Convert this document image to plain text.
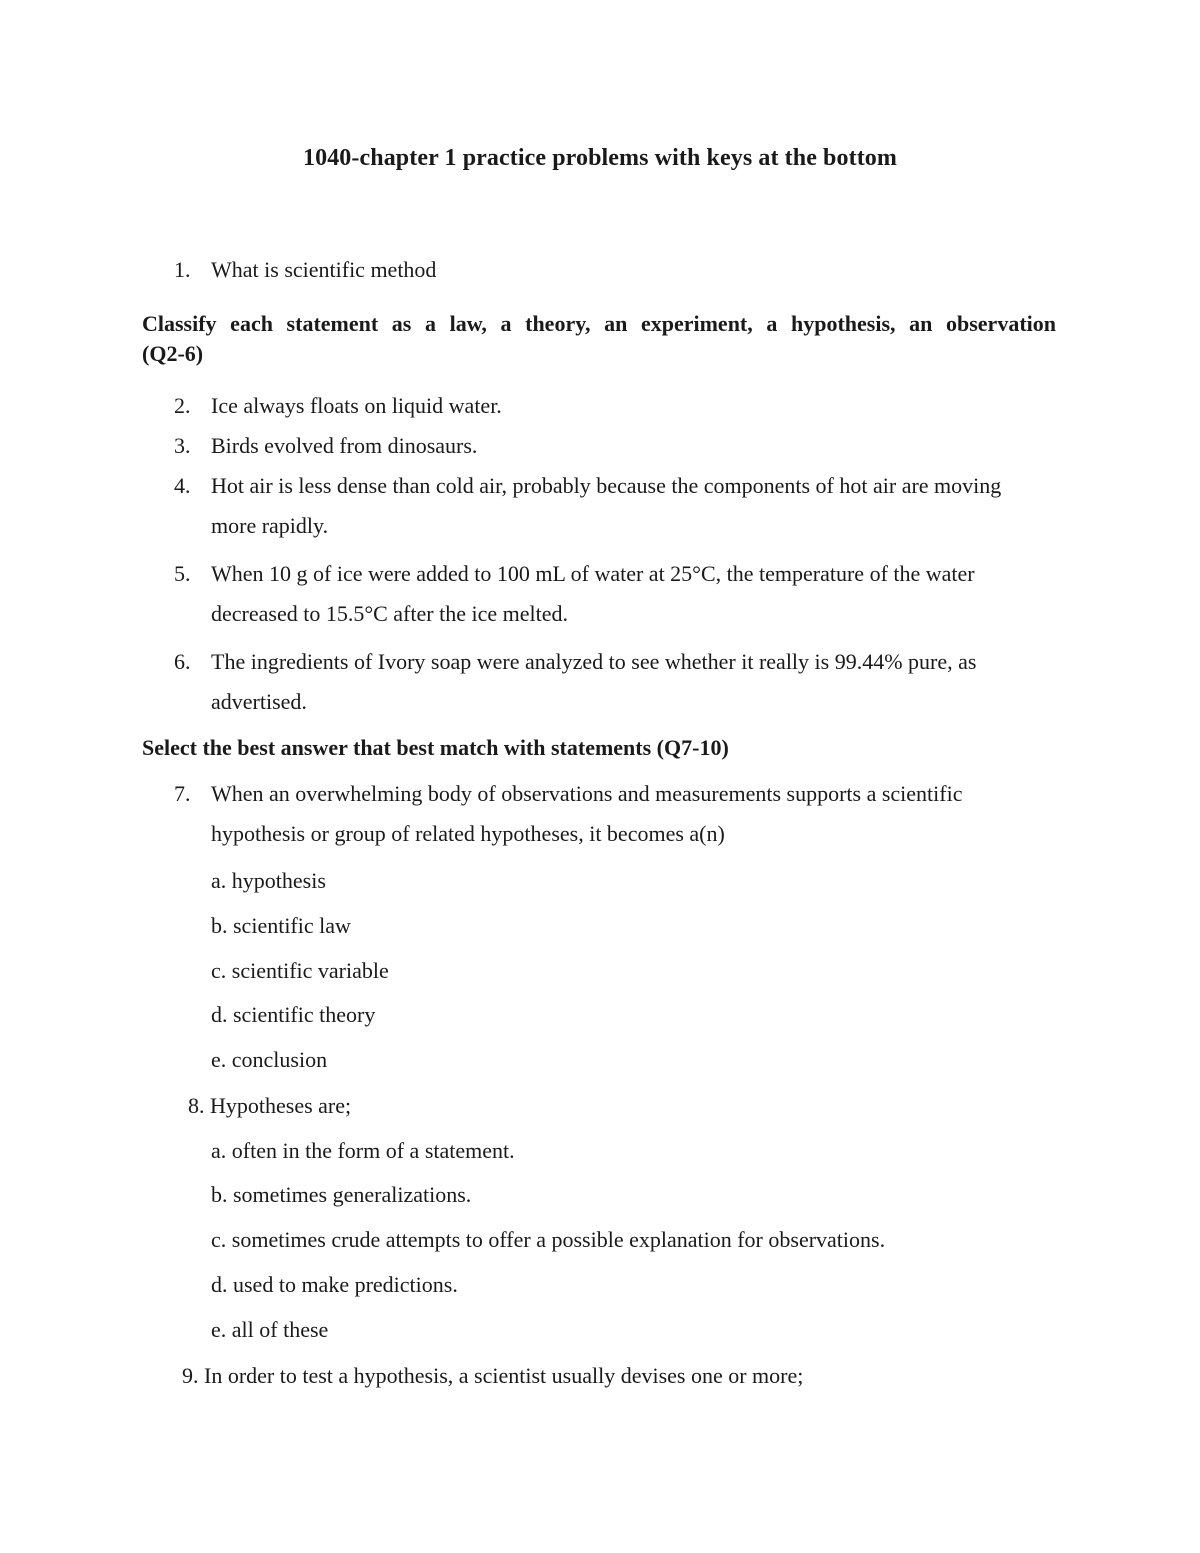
1040-chapter 1 practice problems with keys at the bottom
1. What is scientific method
Classify each statement as a law, a theory, an experiment, a hypothesis, an observation
(Q2-6)
2. Ice always floats on liquid water.
3. Birds evolved from dinosaurs.
4. Hot air is less dense than cold air, probably because the components of hot air are moving
more rapidly.
5. When 10 g of ice were added to 100 mL of water at 25°C, the temperature of the water
decreased to 15.5°C after the ice melted.
6. The ingredients of Ivory soap were analyzed to see whether it really is 99.44% pure, as
advertised.
Select the best answer that best match with statements (Q7-10)
7. When an overwhelming body of observations and measurements supports a scientific
hypothesis or group of related hypotheses, it becomes a(n)
a. hypothesis
b. scientific law
c. scientific variable
d. scientific theory
e. conclusion
8. Hypotheses are;
a. often in the form of a statement.
b. sometimes generalizations.
c. sometimes crude attempts to offer a possible explanation for observations.
d. used to make predictions.
e. all of these
9. In order to test a hypothesis, a scientist usually devises one or more;
